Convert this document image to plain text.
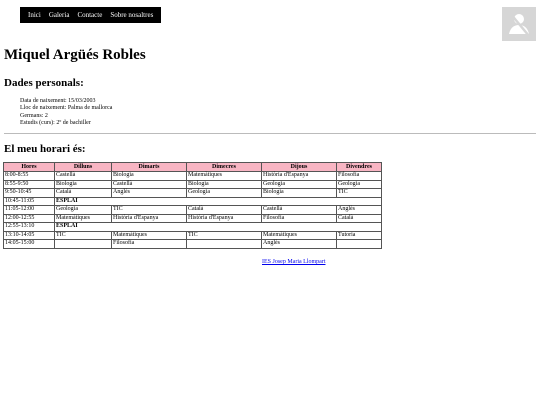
Inici	Galeria	Contacte	Sobre nosaltres
Miquel Argüés Robles
Dades personals:
Data de naixement: 15/03/2003
Lloc de naixement: Palma de mallorca
Germans: 2
Estudis (curs): 2º de bachiller
El meu horari és:
Hores	Dilluns	Dimarts	Dimecres	Dijous	Divendres
8:00-8:55	Castellà	Biologia	Matemàtiques	Història d'Espanya	Filosofia
8:55-9:50	Biologia	Castellà	Biologia	Geologia	Geologia
9:50-10:45	Català	Anglès	Geologia	Biologia	TIC
10:45-11:05	ESPLAI				
11:05-12:00	Geologia	TIC	Català	Castellà	Anglès
12:00-12:55	Matemàtiques	Història d'Espanya	Història d'Espanya	Filosofia	Català
12:55-13:10	ESPLAI				
13:10-14:05	TIC	Matemàtiques	TIC	Matemàtiques	Tutoria
14:05-15:00		Filosofia		Anglès	
IES Josep Maria Llompart
